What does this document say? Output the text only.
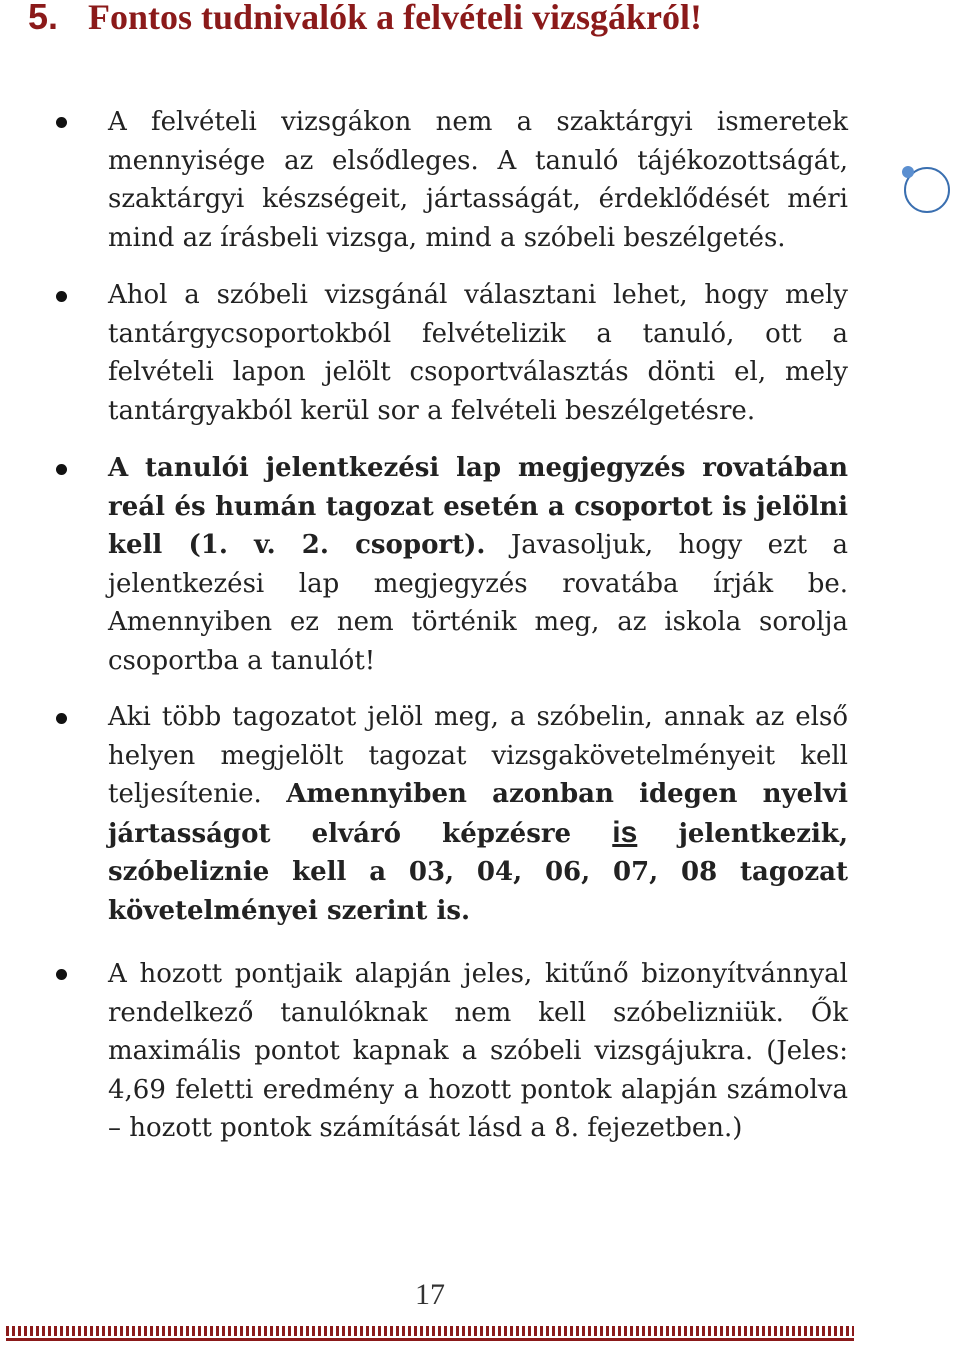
5. Fontos tudnivalók a felvételi vizsgákról!

A felvételi vizsgákon nem a szaktárgyi ismeretek mennyisége az elsődleges. A tanuló tájékozottságát, szaktárgyi készségeit, jártasságát, érdeklődését méri mind az írásbeli vizsga, mind a szóbeli beszélgetés.

Ahol a szóbeli vizsgánál választani lehet, hogy mely tantárgycsoportokból felvételizik a tanuló, ott a felvételi lapon jelölt csoportválasztás dönti el, mely tantárgyakból kerül sor a felvételi beszélgetésre.

A tanulói jelentkezési lap megjegyzés rovatában reál és humán tagozat esetén a csoportot is jelölni kell (1. v. 2. csoport). Javasoljuk, hogy ezt a jelentkezési lap megjegyzés rovatába írják be. Amennyiben ez nem történik meg, az iskola sorolja csoportba a tanulót!

Aki több tagozatot jelöl meg, a szóbelin, annak az első helyen megjelölt tagozat vizsgakövetelményeit kell teljesítenie. Amennyiben azonban idegen nyelvi jártasságot elváró képzésre is jelentkezik, szóbeliznie kell a 03, 04, 06, 07, 08 tagozat követelményei szerint is.

A hozott pontjaik alapján jeles, kitűnő bizonyítvánnyal rendelkező tanulóknak nem kell szóbelizniük. Ők maximális pontot kapnak a szóbeli vizsgájukra. (Jeles: 4,69 feletti eredmény a hozott pontok alapján számolva – hozott pontok számítását lásd a 8. fejezetben.)

17
